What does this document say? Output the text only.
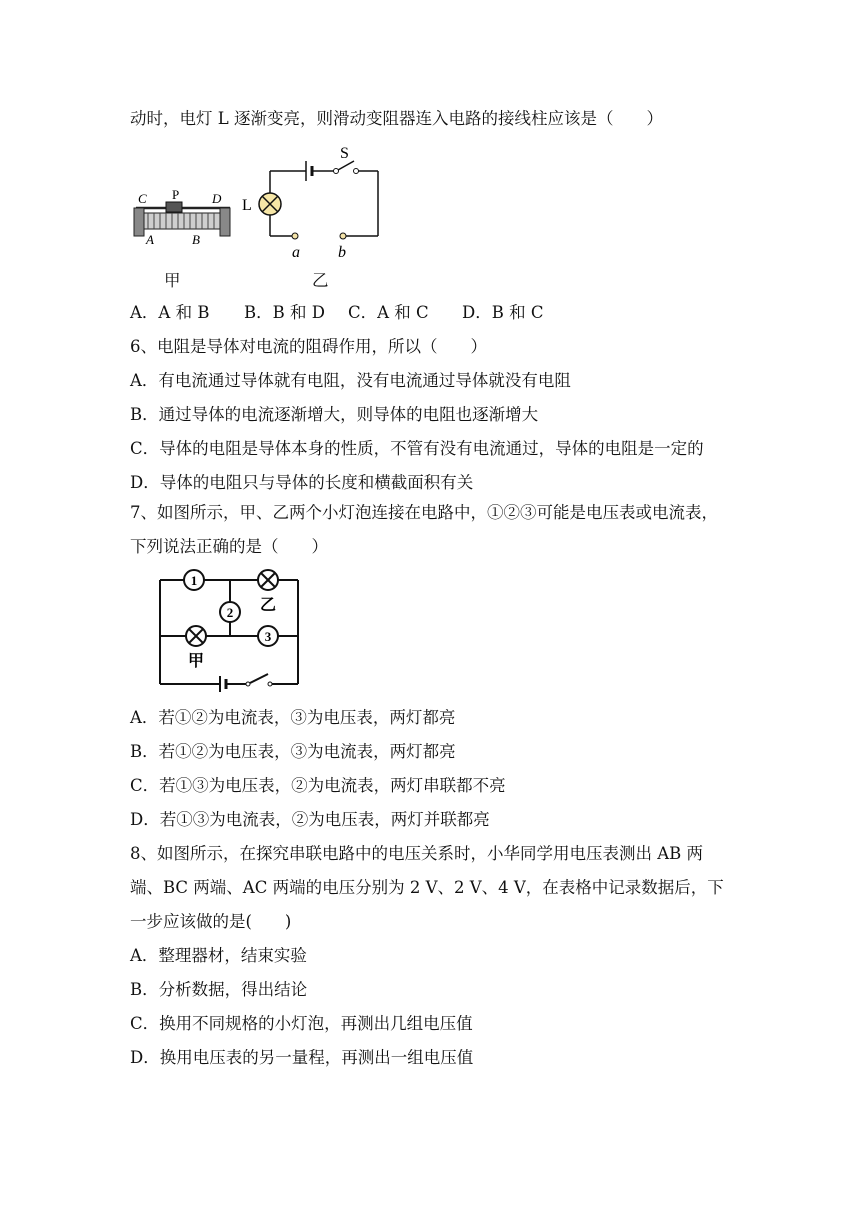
动时，电灯 L 逐渐变亮，则滑动变阻器连入电路的接线柱应该是（　　）
C P	D
A	B
甲
S
L
a b
乙
A．A 和 B B．B 和 D C．A 和 C D．B 和 C
6、电阻是导体对电流的阻碍作用，所以（　　）
A．有电流通过导体就有电阻，没有电流通过导体就没有电阻
B．通过导体的电流逐渐增大，则导体的电阻也逐渐增大
C．导体的电阻是导体本身的性质，不管有没有电流通过，导体的电阻是一定的
D．导体的电阻只与导体的长度和横截面积有关
7、如图所示，甲、乙两个小灯泡连接在电路中，①②③可能是电压表或电流表，
下列说法正确的是（　　）
1
乙
2
甲
3
A．若①②为电流表，③为电压表，两灯都亮
B．若①②为电压表，③为电流表，两灯都亮
C．若①③为电压表，②为电流表，两灯串联都不亮
D．若①③为电流表，②为电压表，两灯并联都亮
8、如图所示，在探究串联电路中的电压关系时，小华同学用电压表测出 AB 两
端、BC 两端、AC 两端的电压分别为 2 V、2 V、4 V，在表格中记录数据后，下
一步应该做的是(　　)
A．整理器材，结束实验
B．分析数据，得出结论
C．换用不同规格的小灯泡，再测出几组电压值
D．换用电压表的另一量程，再测出一组电压值
